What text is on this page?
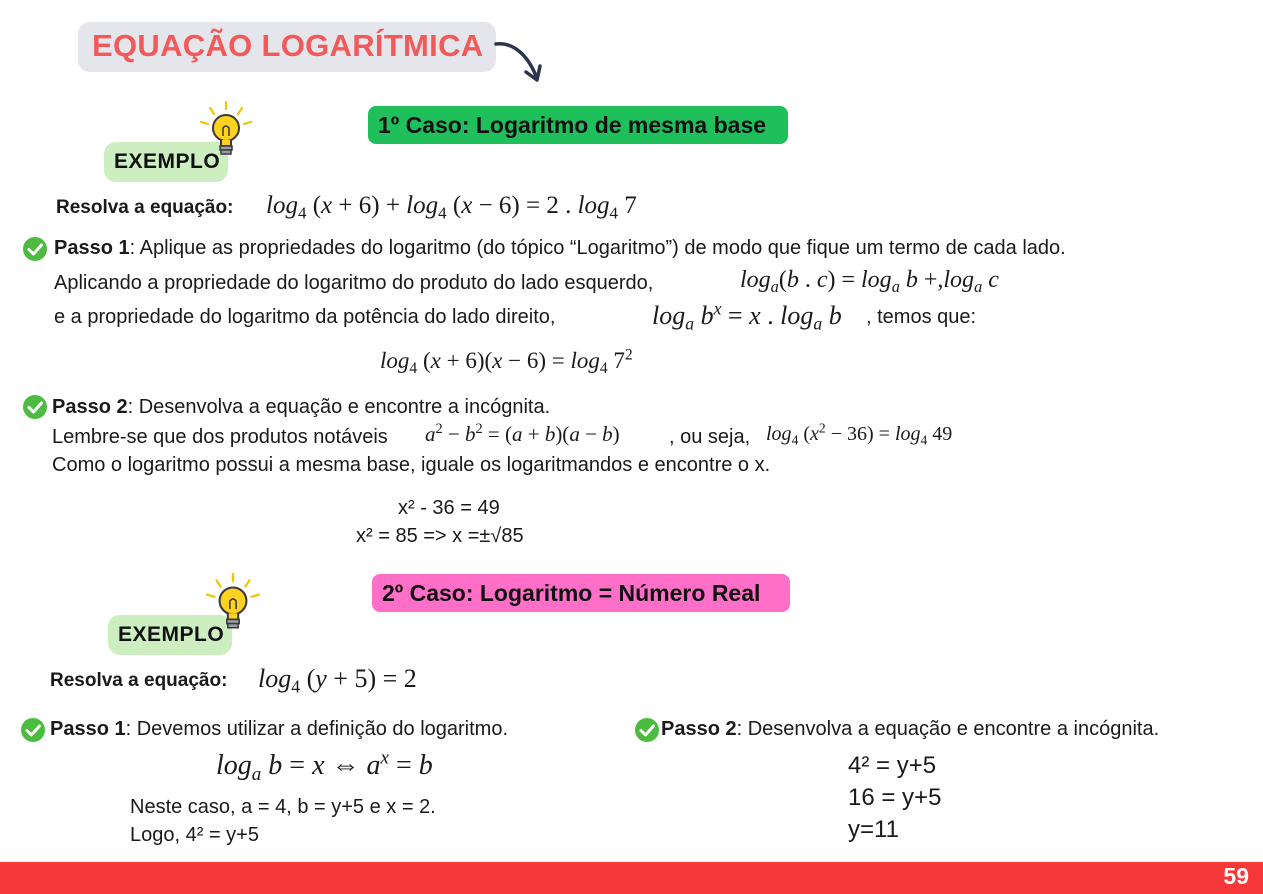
EQUAÇÃO LOGARÍTMICA
1º Caso: Logaritmo de mesma base
EXEMPLO
Resolva a equação: $\log_4 (x + 6) + \log_4 (x - 6) = 2$ . $\log_4 7$
Passo 1: Aplique as propriedades do logaritmo (do tópico “Logaritmo”) de modo que fique um termo de cada lado.
Aplicando a propriedade do logaritmo do produto do lado esquerdo,	$\log_a(b$ . $c) = \log_a b +,\log_a$ c
e a propriedade do logaritmo da potência do lado direito,	$\log_a b^x = x$ . $\log_a b$ , temos que:
$\log_4 (x + 6)(x - 6) = \log_4 7^2$
Passo 2: Desenvolva a equação e encontre a incógnita.
Lembre-se que dos produtos notáveis $a^2 - b^2 = (a + b)(a - b)$ , ou seja, $\log_4 (x^2 - 36) = \log_4 49$
Como o logaritmo possui a mesma base, iguale os logaritmandos e encontre o x.
x² - 36 = 49
x² = 85 => x =±√85
2º Caso: Logaritmo = Número Real
EXEMPLO
Resolva a equação: $\log_4 (y + 5) = 2$
Passo 1: Devemos utilizar a definição do logaritmo.
$\log_a b = x$ ⇔ $a^x = b$
Neste caso, a = 4, b = y+5 e x = 2.
Logo, 4² = y+5
Passo 2: Desenvolva a equação e encontre a incógnita.
4² = y+5
16 = y+5
y=11
59
